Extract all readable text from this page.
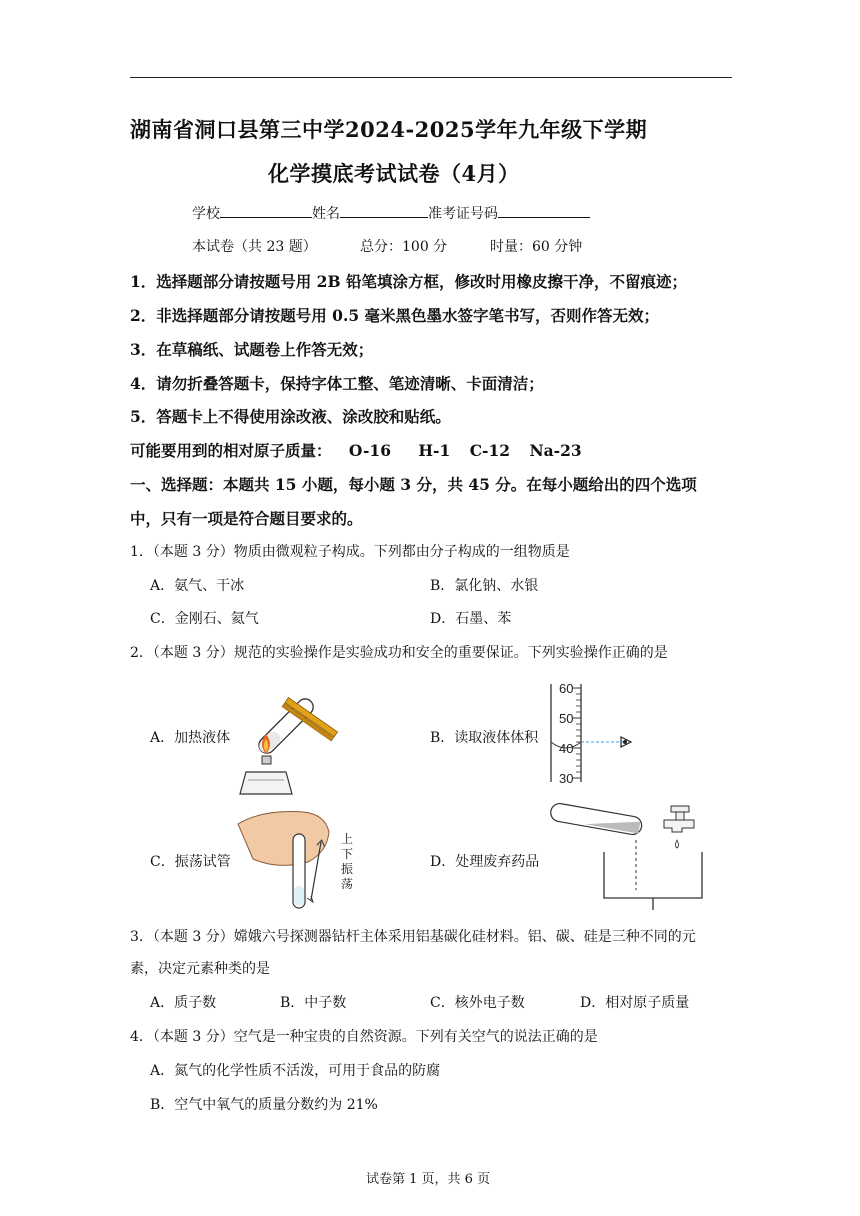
湖南省洞口县第三中学2024-2025学年九年级下学期
化学摸底考试试卷（4月）
学校	姓名	准考证号码
本试卷（共 23 题）	总分：100 分	时量：60 分钟
1．选择题部分请按题号用 2B 铅笔填涂方框，修改时用橡皮擦干净，不留痕迹；
2．非选择题部分请按题号用 0.5 毫米黑色墨水签字笔书写，否则作答无效；
3．在草稿纸、试题卷上作答无效；
4．请勿折叠答题卡，保持字体工整、笔迹清晰、卡面清洁；
5．答题卡上不得使用涂改液、涂改胶和贴纸。
可能要用到的相对原子质量： O-16 H-1 C-12 Na-23
一、选择题：本题共 15 小题，每小题 3 分，共 45 分。在每小题给出的四个选项
中，只有一项是符合题目要求的。
1．（本题 3 分）物质由微观粒子构成。下列都由分子构成的一组物质是
A．氨气、干冰	B．氯化钠、水银
C．金刚石、氦气	D．石墨、苯
2．（本题 3 分）规范的实验操作是实验成功和安全的重要保证。下列实验操作正确的是
A．加热液体	B．读取液体体积
C．振荡试管	D．处理废弃药品
60
50
40
30
上
下
振
荡
3．（本题 3 分）嫦娥六号探测器钻杆主体采用铝基碳化硅材料。铝、碳、硅是三种不同的元
素，决定元素种类的是
A．质子数	B．中子数	C．核外电子数	D．相对原子质量
4．（本题 3 分）空气是一种宝贵的自然资源。下列有关空气的说法正确的是
A．氮气的化学性质不活泼，可用于食品的防腐
B．空气中氧气的质量分数约为 21%
试卷第 1 页，共 6 页
